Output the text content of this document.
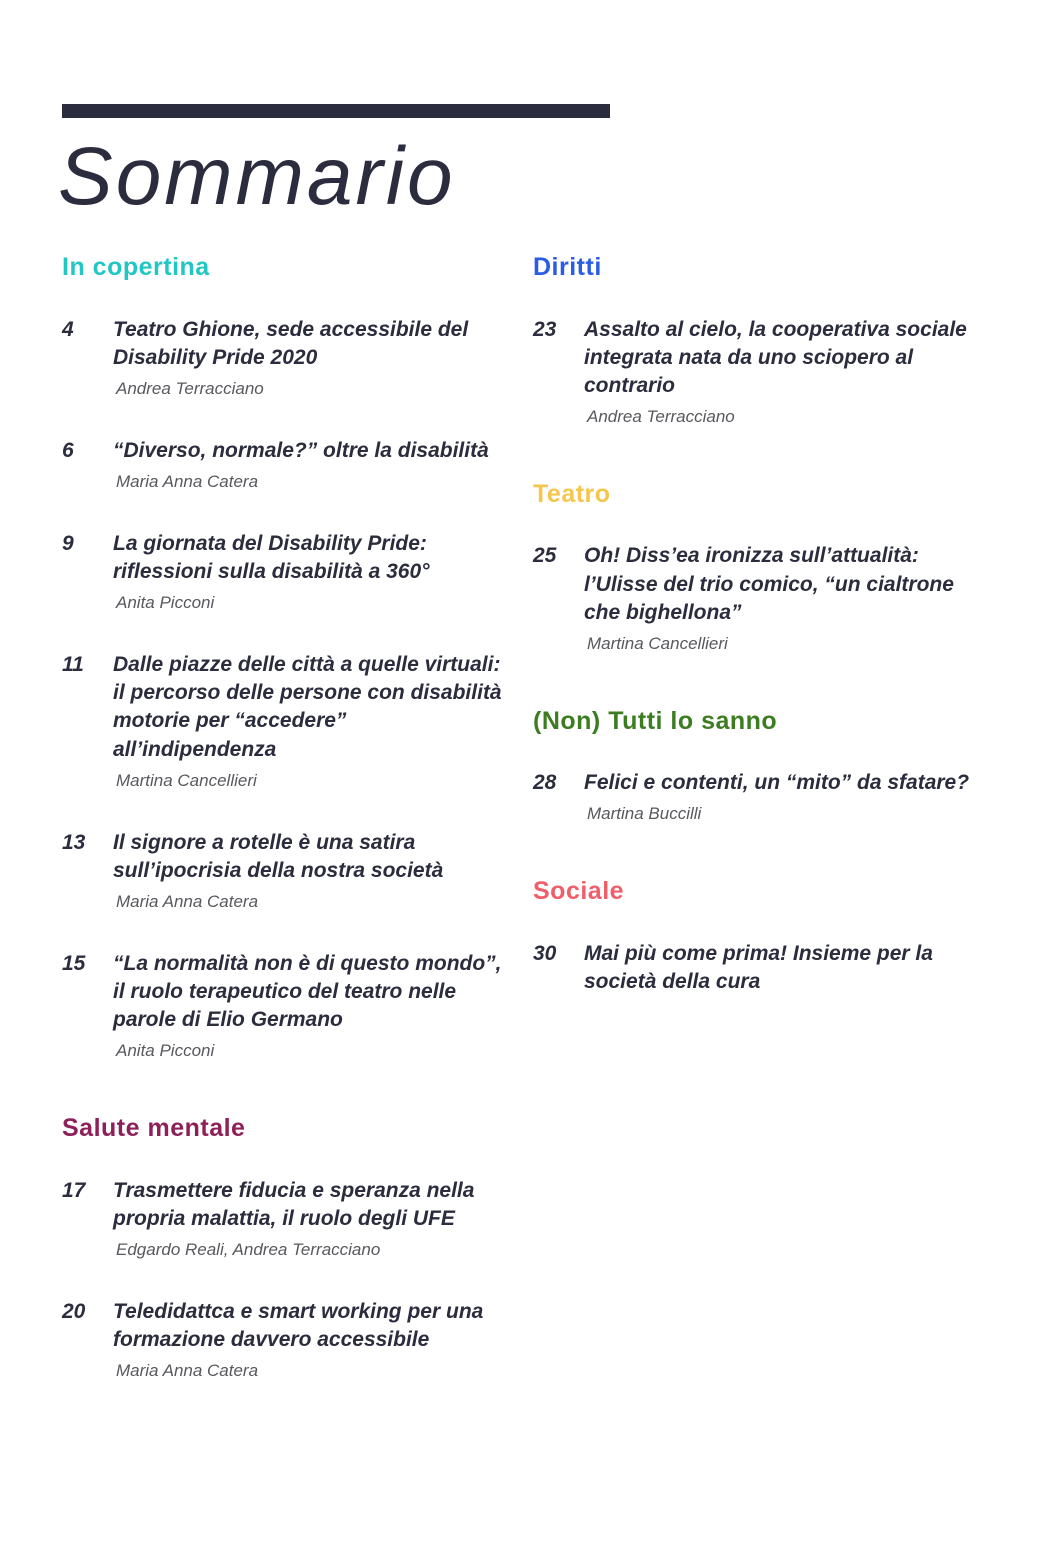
Sommario
In copertina
4	Teatro Ghione, sede accessibile del Disability Pride 2020
Andrea Terracciano
6	“Diverso, normale?” oltre la disabilità
Maria Anna Catera
9	La giornata del Disability Pride: riflessioni sulla disabilità a 360°
Anita Picconi
11	Dalle piazze delle città a quelle virtuali: il percorso delle persone con disabilità motorie per “accedere” all’indipendenza
Martina Cancellieri
13	Il signore a rotelle è una satira sull’ipocrisia della nostra società
Maria Anna Catera
15	“La normalità non è di questo mondo”, il ruolo terapeutico del teatro nelle parole di Elio Germano
Anita Picconi
Salute mentale
17	Trasmettere fiducia e speranza nella propria malattia, il ruolo degli UFE
Edgardo Reali, Andrea Terracciano
20	Teledidattca e smart working per una formazione davvero accessibile
Maria Anna Catera
Diritti
23	Assalto al cielo, la cooperativa sociale integrata nata da uno sciopero al contrario
Andrea Terracciano
Teatro
25	Oh! Diss’ea ironizza sull’attualità: l’Ulisse del trio comico, “un cialtrone che bighellona”
Martina Cancellieri
(Non) Tutti lo sanno
28	Felici e contenti, un “mito” da sfatare?
Martina Buccilli
Sociale
30	Mai più come prima! Insieme per la società della cura
